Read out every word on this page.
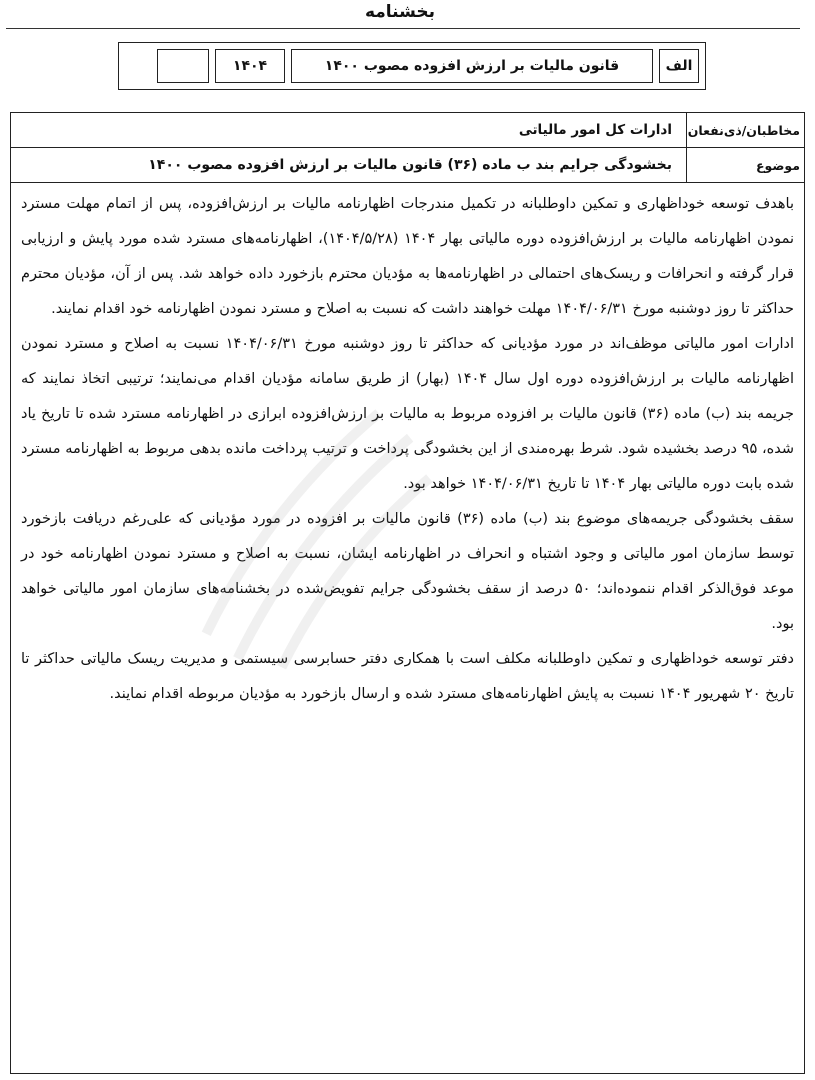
بخشنامه
الف
قانون مالیات بر ارزش افزوده مصوب ۱۴۰۰
۱۴۰۴
مخاطبان/ذی‌نفعان
ادارات کل امور مالیاتی
موضوع
بخشودگی جرایم بند ب ماده (۳۶) قانون مالیات بر ارزش افزوده مصوب ۱۴۰۰

باهدف توسعه خوداظهاری و تمکین داوطلبانه در تکمیل مندرجات اظهارنامه مالیات بر ارزش‌افزوده، پس از اتمام مهلت مسترد نمودن اظهارنامه مالیات بر ارزش‌افزوده دوره مالیاتی بهار ۱۴۰۴ (۱۴۰۴/۵/۲۸)، اظهارنامه‌های مسترد شده مورد پایش و ارزیابی قرار گرفته و انحرافات و ریسک‌های احتمالی در اظهارنامه‌ها به مؤدیان محترم بازخورد داده خواهد شد. پس از آن، مؤدیان محترم حداکثر تا روز دوشنبه مورخ ۱۴۰۴/۰۶/۳۱ مهلت خواهند داشت که نسبت به اصلاح و مسترد نمودن اظهارنامه خود اقدام نمایند.

ادارات امور مالیاتی موظف‌اند در مورد مؤدیانی که حداکثر تا روز دوشنبه مورخ ۱۴۰۴/۰۶/۳۱ نسبت به اصلاح و مسترد نمودن اظهارنامه مالیات بر ارزش‌افزوده دوره اول سال ۱۴۰۴ (بهار) از طریق سامانه مؤدیان اقدام می‌نمایند؛ ترتیبی اتخاذ نمایند که جریمه بند (ب) ماده (۳۶) قانون مالیات بر افزوده مربوط به مالیات بر ارزش‌افزوده ابرازی در اظهارنامه مسترد شده تا تاریخ یاد شده، ۹۵ درصد بخشیده شود. شرط بهره‌مندی از این بخشودگی پرداخت و ترتیب پرداخت مانده بدهی مربوط به اظهارنامه مسترد شده بابت دوره مالیاتی بهار ۱۴۰۴ تا تاریخ ۱۴۰۴/۰۶/۳۱ خواهد بود.

سقف بخشودگی جریمه‌های موضوع بند (ب) ماده (۳۶) قانون مالیات بر افزوده در مورد مؤدیانی که علی‌رغم دریافت بازخورد توسط سازمان امور مالیاتی و وجود اشتباه و انحراف در اظهارنامه ایشان، نسبت به اصلاح و مسترد نمودن اظهارنامه خود در موعد فوق‌الذکر اقدام ننموده‌اند؛ ۵۰ درصد از سقف بخشودگی جرایم تفویض‌شده در بخشنامه‌های سازمان امور مالیاتی خواهد بود.

دفتر توسعه خوداظهاری و تمکین داوطلبانه مکلف است با همکاری دفتر حسابرسی سیستمی و مدیریت ریسک مالیاتی حداکثر تا تاریخ ۲۰ شهریور ۱۴۰۴ نسبت به پایش اظهارنامه‌های مسترد شده و ارسال بازخورد به مؤدیان مربوطه اقدام نمایند.
